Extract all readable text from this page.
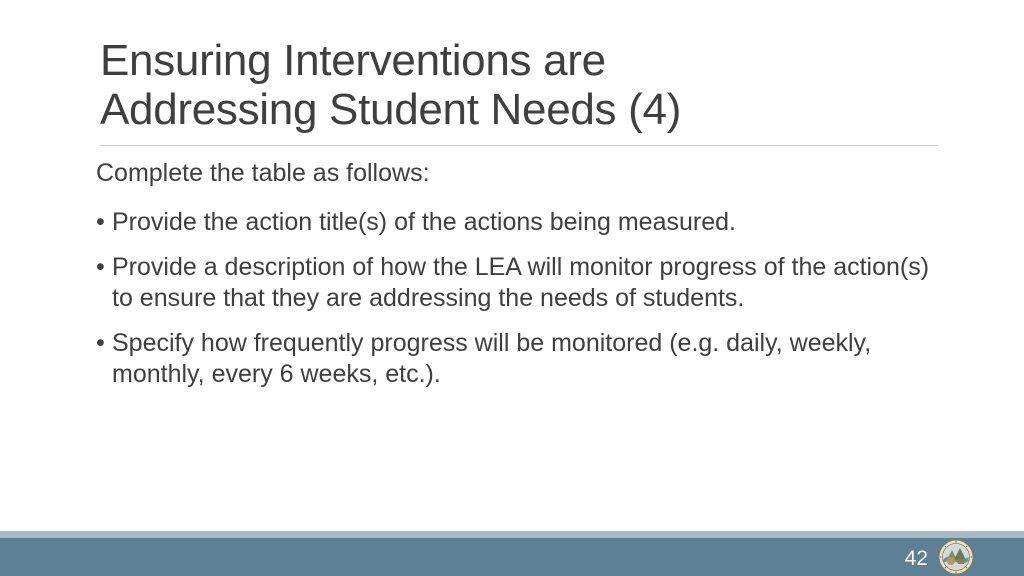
Ensuring Interventions are
Addressing Student Needs (4)

Complete the table as follows:

• Provide the action title(s) of the actions being measured.
• Provide a description of how the LEA will monitor progress of the action(s) to ensure that they are addressing the needs of students.
• Specify how frequently progress will be monitored (e.g. daily, weekly, monthly, every 6 weeks, etc.).
42
